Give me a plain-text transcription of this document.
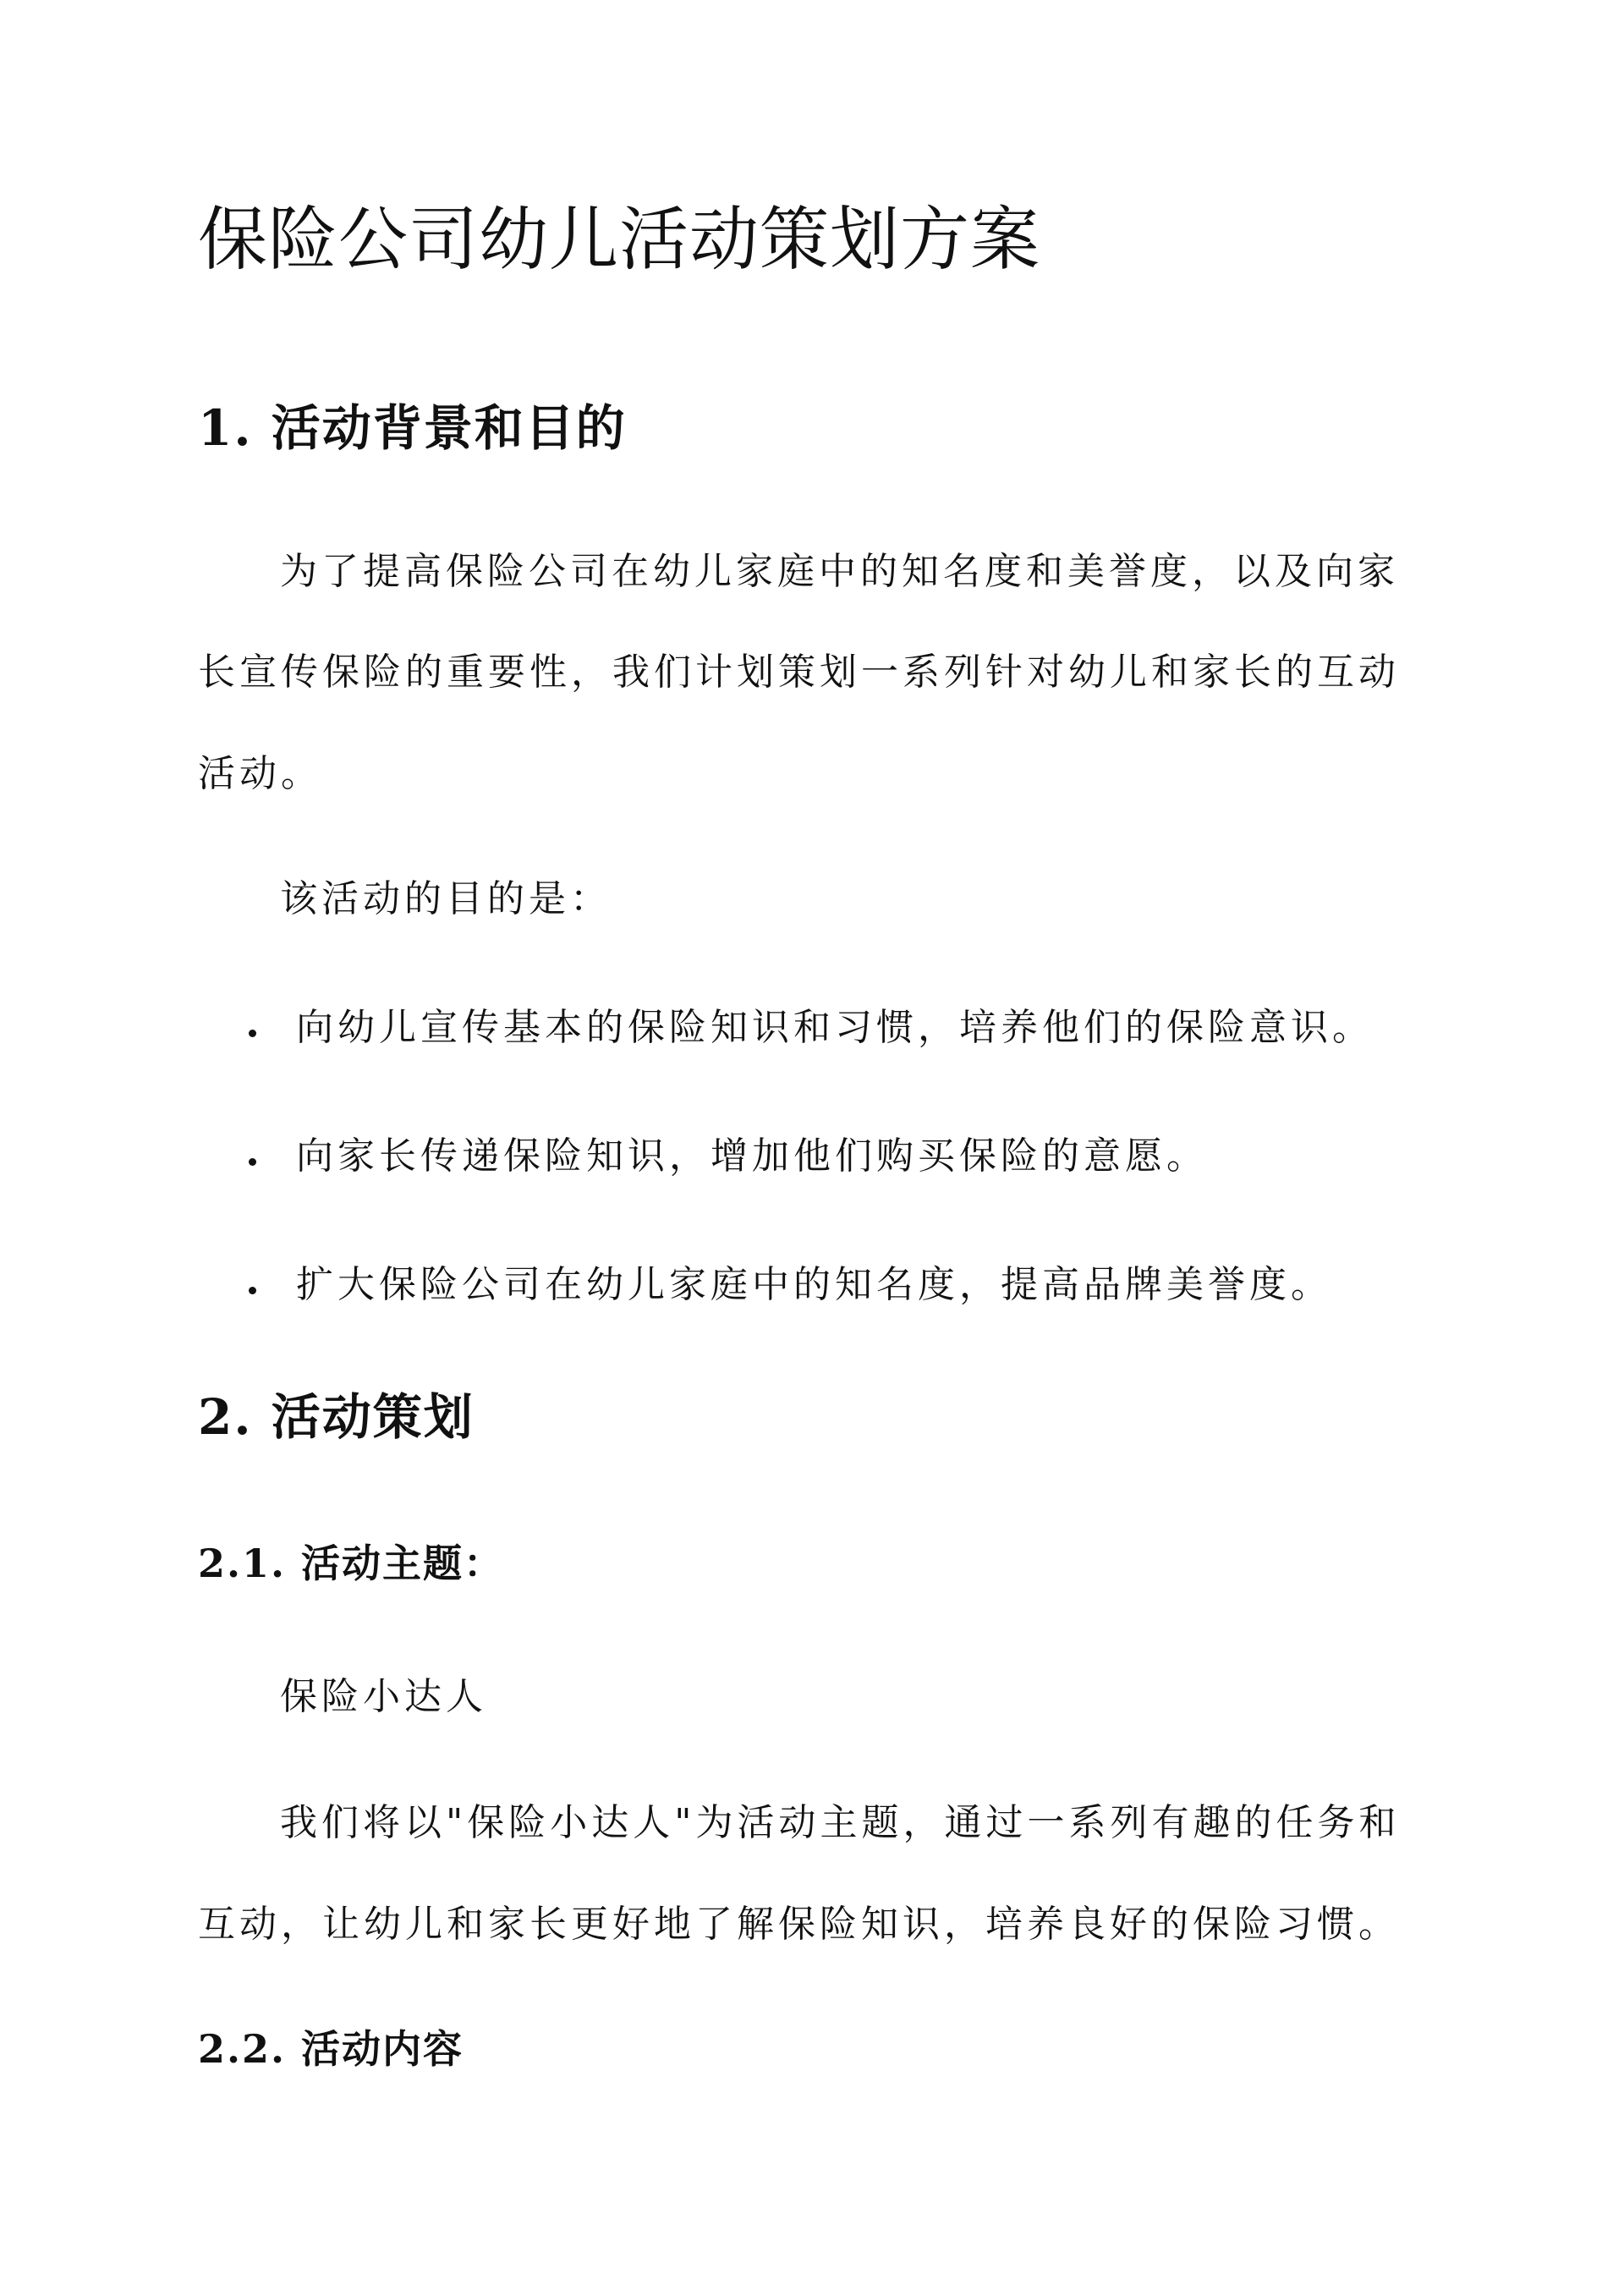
保险公司幼儿活动策划方案
1. 活动背景和目的

为了提高保险公司在幼儿家庭中的知名度和美誉度，以及向家

长宣传保险的重要性，我们计划策划一系列针对幼儿和家长的互动

活动。

该活动的目的是：

向幼儿宣传基本的保险知识和习惯，培养他们的保险意识。

向家长传递保险知识，增加他们购买保险的意愿。

扩大保险公司在幼儿家庭中的知名度，提高品牌美誉度。

2. 活动策划
2.1. 活动主题：

保险小达人

我们将以"保险小达人"为活动主题，通过一系列有趣的任务和

互动，让幼儿和家长更好地了解保险知识，培养良好的保险习惯。

2.2. 活动内容
